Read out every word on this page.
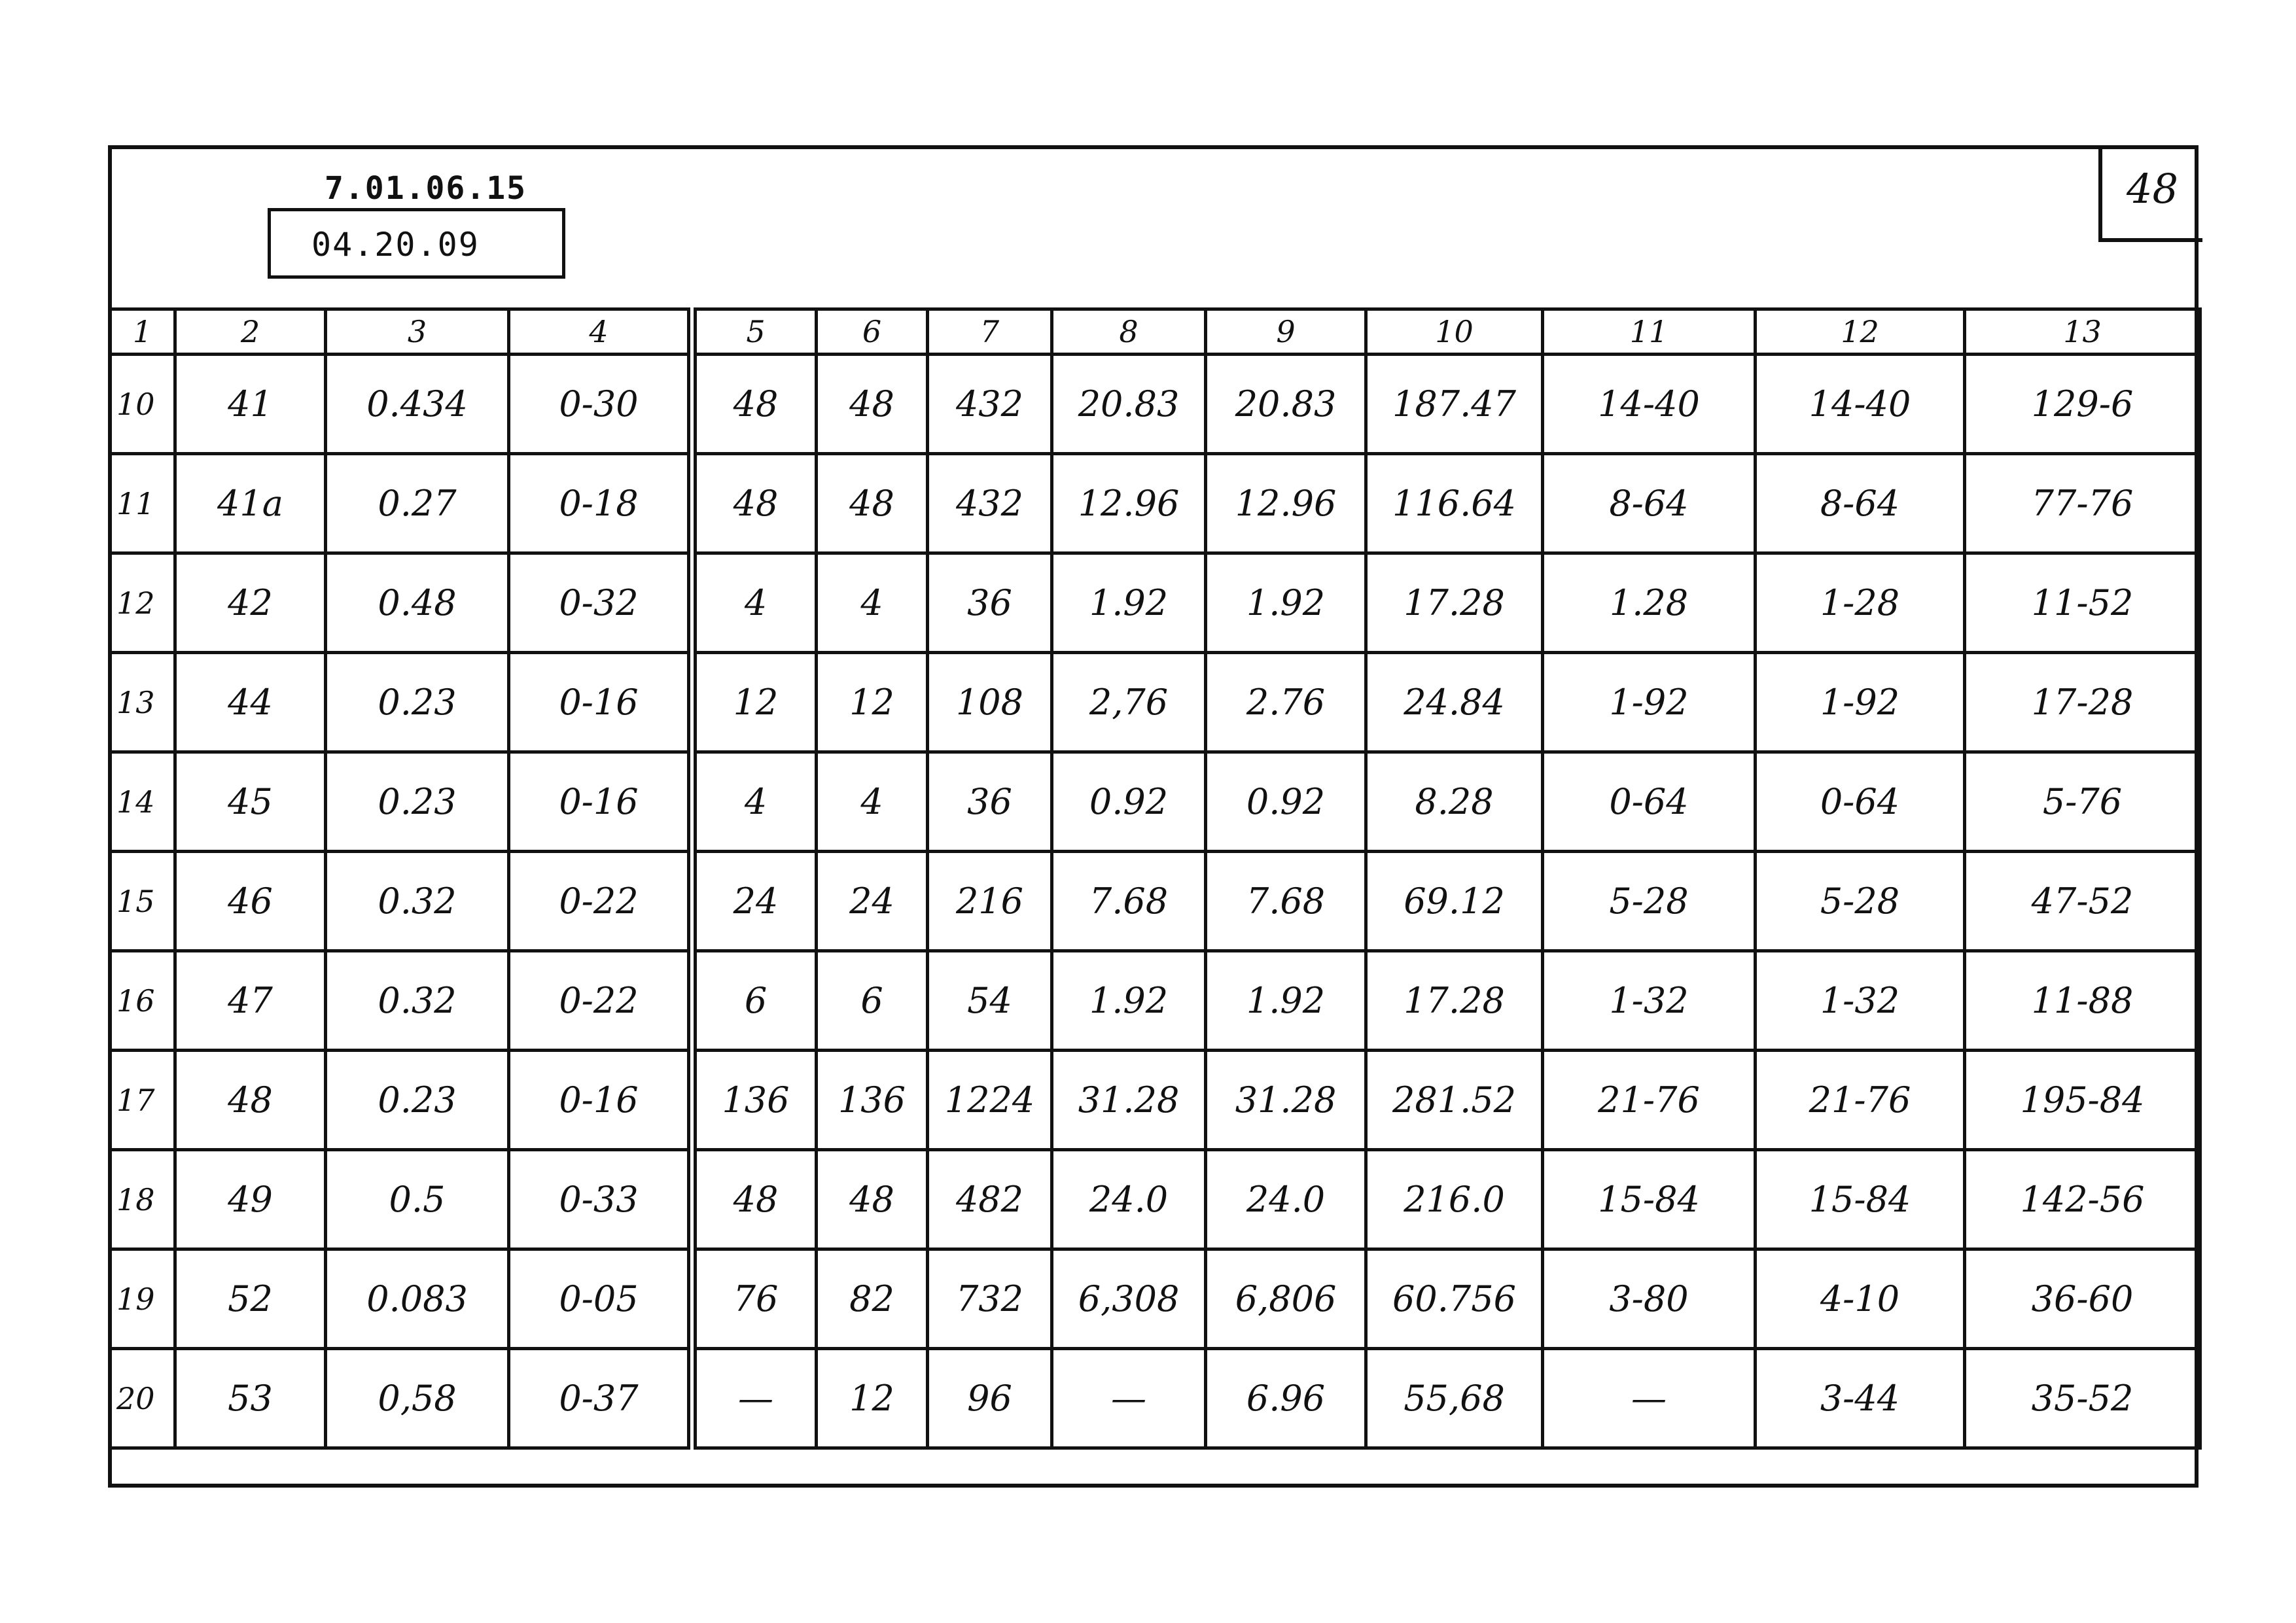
7.01.06.15
04.20.09
48
1	2	3	4	5	6	7	8	9	10	11	12	13
10	41	0.434	0-30	48	48	432	20.83	20.83	187.47	14-40	14-40	129-6
11	41a	0.27	0-18	48	48	432	12.96	12.96	116.64	8-64	8-64	77-76
12	42	0.48	0-32	4	4	36	1.92	1.92	17.28	1.28	1-28	11-52
13	44	0.23	0-16	12	12	108	2,76	2.76	24.84	1-92	1-92	17-28
14	45	0.23	0-16	4	4	36	0.92	0.92	8.28	0-64	0-64	5-76
15	46	0.32	0-22	24	24	216	7.68	7.68	69.12	5-28	5-28	47-52
16	47	0.32	0-22	6	6	54	1.92	1.92	17.28	1-32	1-32	11-88
17	48	0.23	0-16	136	136	1224	31.28	31.28	281.52	21-76	21-76	195-84
18	49	0.5	0-33	48	48	482	24.0	24.0	216.0	15-84	15-84	142-56
19	52	0.083	0-05	76	82	732	6,308	6,806	60.756	3-80	4-10	36-60
20	53	0,58	0-37	—	12	96	—	6.96	55,68	—	3-44	35-52
